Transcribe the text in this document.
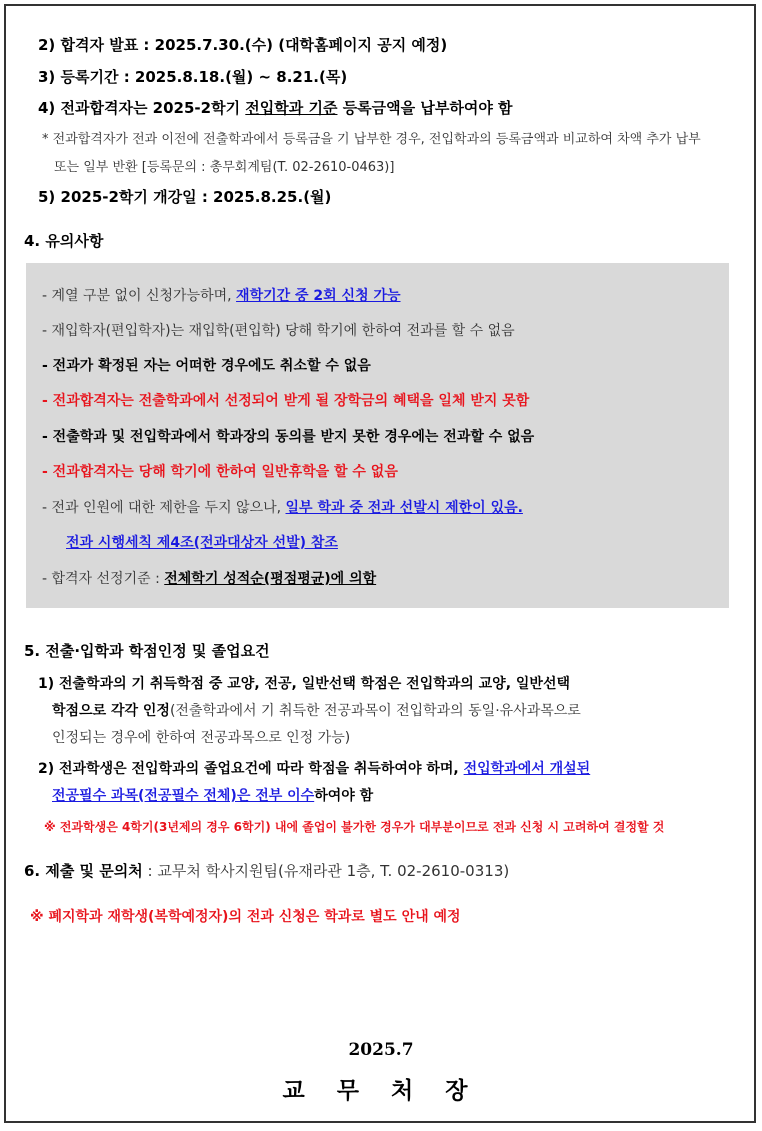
2) 합격자 발표 : 2025.7.30.(수) (대학홈페이지 공지 예정)
3) 등록기간 : 2025.8.18.(월) ~ 8.21.(목)
4) 전과합격자는 2025-2학기 전입학과 기준 등록금액을 납부하여야 함
* 전과합격자가 전과 이전에 전출학과에서 등록금을 기 납부한 경우, 전입학과의 등록금액과 비교하여 차액 추가 납부
또는 일부 반환 [등록문의 : 총무회계팀(T. 02-2610-0463)]
5) 2025-2학기 개강일 : 2025.8.25.(월)
4. 유의사항
- 계열 구분 없이 신청가능하며, 재학기간 중 2회 신청 가능
- 재입학자(편입학자)는 재입학(편입학) 당해 학기에 한하여 전과를 할 수 없음
- 전과가 확정된 자는 어떠한 경우에도 취소할 수 없음
- 전과합격자는 전출학과에서 선정되어 받게 될 장학금의 혜택을 일체 받지 못함
- 전출학과 및 전입학과에서 학과장의 동의를 받지 못한 경우에는 전과할 수 없음
- 전과합격자는 당해 학기에 한하여 일반휴학을 할 수 없음
- 전과 인원에 대한 제한을 두지 않으나, 일부 학과 중 전과 선발시 제한이 있음.
전과 시행세칙 제4조(전과대상자 선발) 참조
- 합격자 선정기준 : 전체학기 성적순(평점평균)에 의함
5. 전출·입학과 학점인정 및 졸업요건
1) 전출학과의 기 취득학점 중 교양, 전공, 일반선택 학점은 전입학과의 교양, 일반선택
학점으로 각각 인정(전출학과에서 기 취득한 전공과목이 전입학과의 동일·유사과목으로
인정되는 경우에 한하여 전공과목으로 인정 가능)
2) 전과학생은 전입학과의 졸업요건에 따라 학점을 취득하여야 하며, 전입학과에서 개설된
전공필수 과목(전공필수 전체)은 전부 이수하여야 함
※ 전과학생은 4학기(3년제의 경우 6학기) 내에 졸업이 불가한 경우가 대부분이므로 전과 신청 시 고려하여 결정할 것
6. 제출 및 문의처 : 교무처 학사지원팀(유재라관 1층, T. 02-2610-0313)
※ 폐지학과 재학생(복학예정자)의 전과 신청은 학과로 별도 안내 예정
2025.7
교 무 처 장
